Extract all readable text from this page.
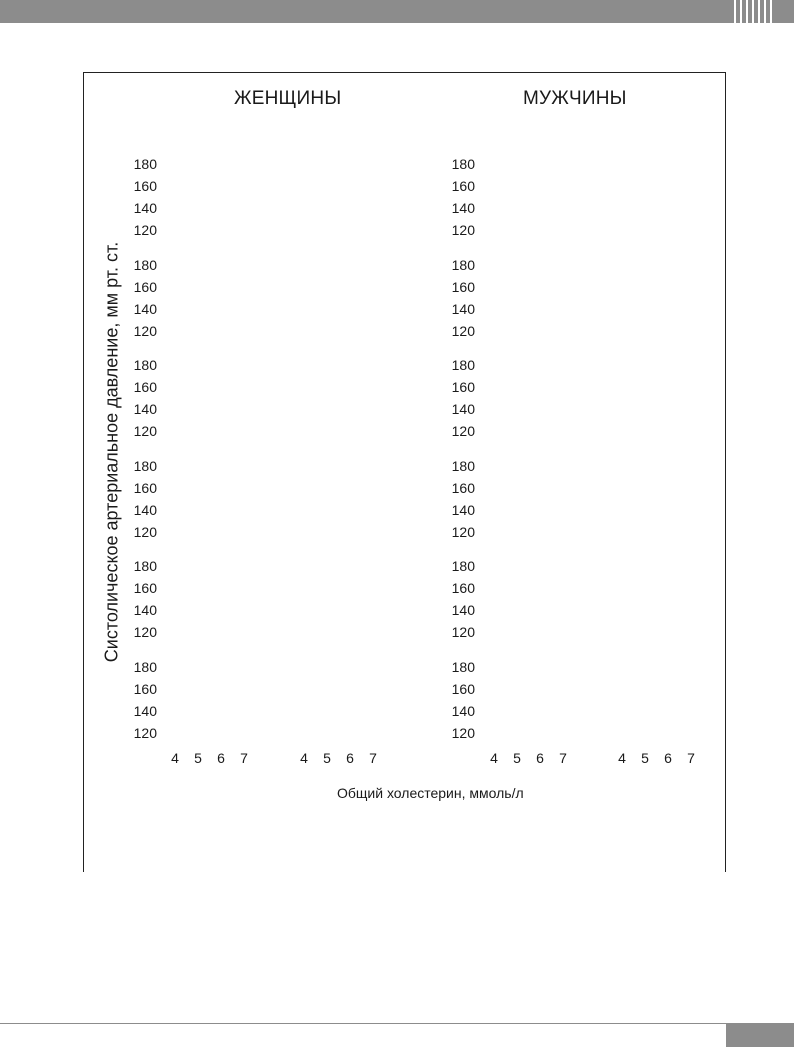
ЖЕНЩИНЫ	МУЖЧИНЫ
Систолическое артериальное давление, мм рт. ст.
180
160
140
120
180
160
140
120
180
160
140
120
180
160
140
120
180
160
140
120
180
160
140
120
180
160
140
120
180
160
140
120
180
160
140
120
180
160
140
120
180
160
140
120
180
160
140
120
4 5 6 7	4 5 6 7	4 5 6 7	4 5 6 7
Общий холестерин, ммоль/л
